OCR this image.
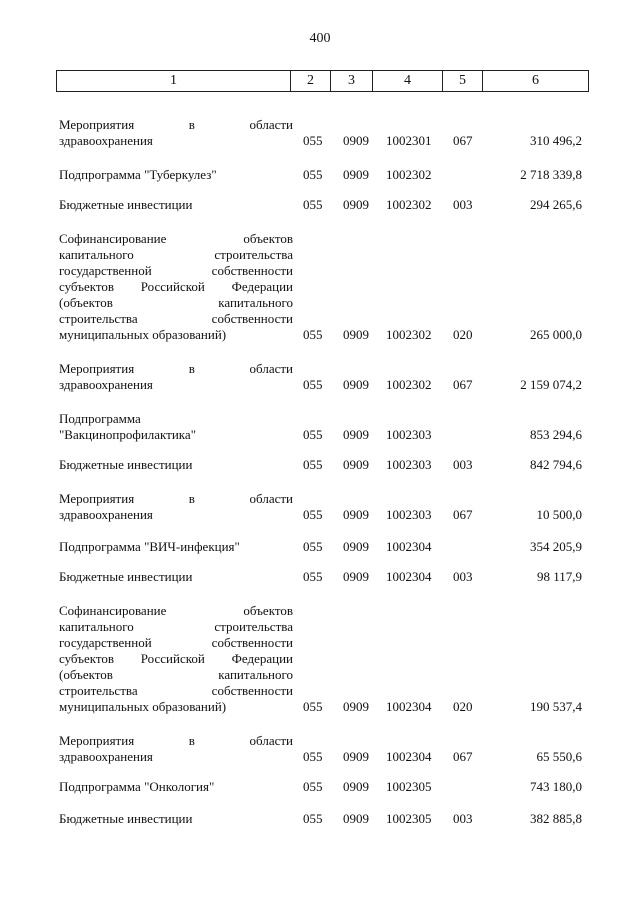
400
1	2	3	4	5	6
Мероприятия в области
здравоохранения	055 0909 1002301 067	310 496,2
Подпрограмма "Туберкулез"	055 0909 1002302	2 718 339,8
Бюджетные инвестиции	055 0909 1002302 003	294 265,6
Софинансирование объектов
капитального строительства
государственной собственности
субъектов Российской Федерации
(объектов капитального
строительства собственности
муниципальных образований)	055 0909 1002302 020	265 000,0
Мероприятия в области
здравоохранения	055 0909 1002302 067	2 159 074,2
Подпрограмма
"Вакцинопрофилактика"	055 0909 1002303	853 294,6
Бюджетные инвестиции	055 0909 1002303 003	842 794,6
Мероприятия в области
здравоохранения	055 0909 1002303 067	10 500,0
Подпрограмма "ВИЧ-инфекция"	055 0909 1002304	354 205,9
Бюджетные инвестиции	055 0909 1002304 003	98 117,9
Софинансирование объектов
капитального строительства
государственной собственности
субъектов Российской Федерации
(объектов капитального
строительства собственности
муниципальных образований)	055 0909 1002304 020	190 537,4
Мероприятия в области
здравоохранения	055 0909 1002304 067	65 550,6
Подпрограмма "Онкология"	055 0909 1002305	743 180,0
Бюджетные инвестиции	055 0909 1002305 003	382 885,8
